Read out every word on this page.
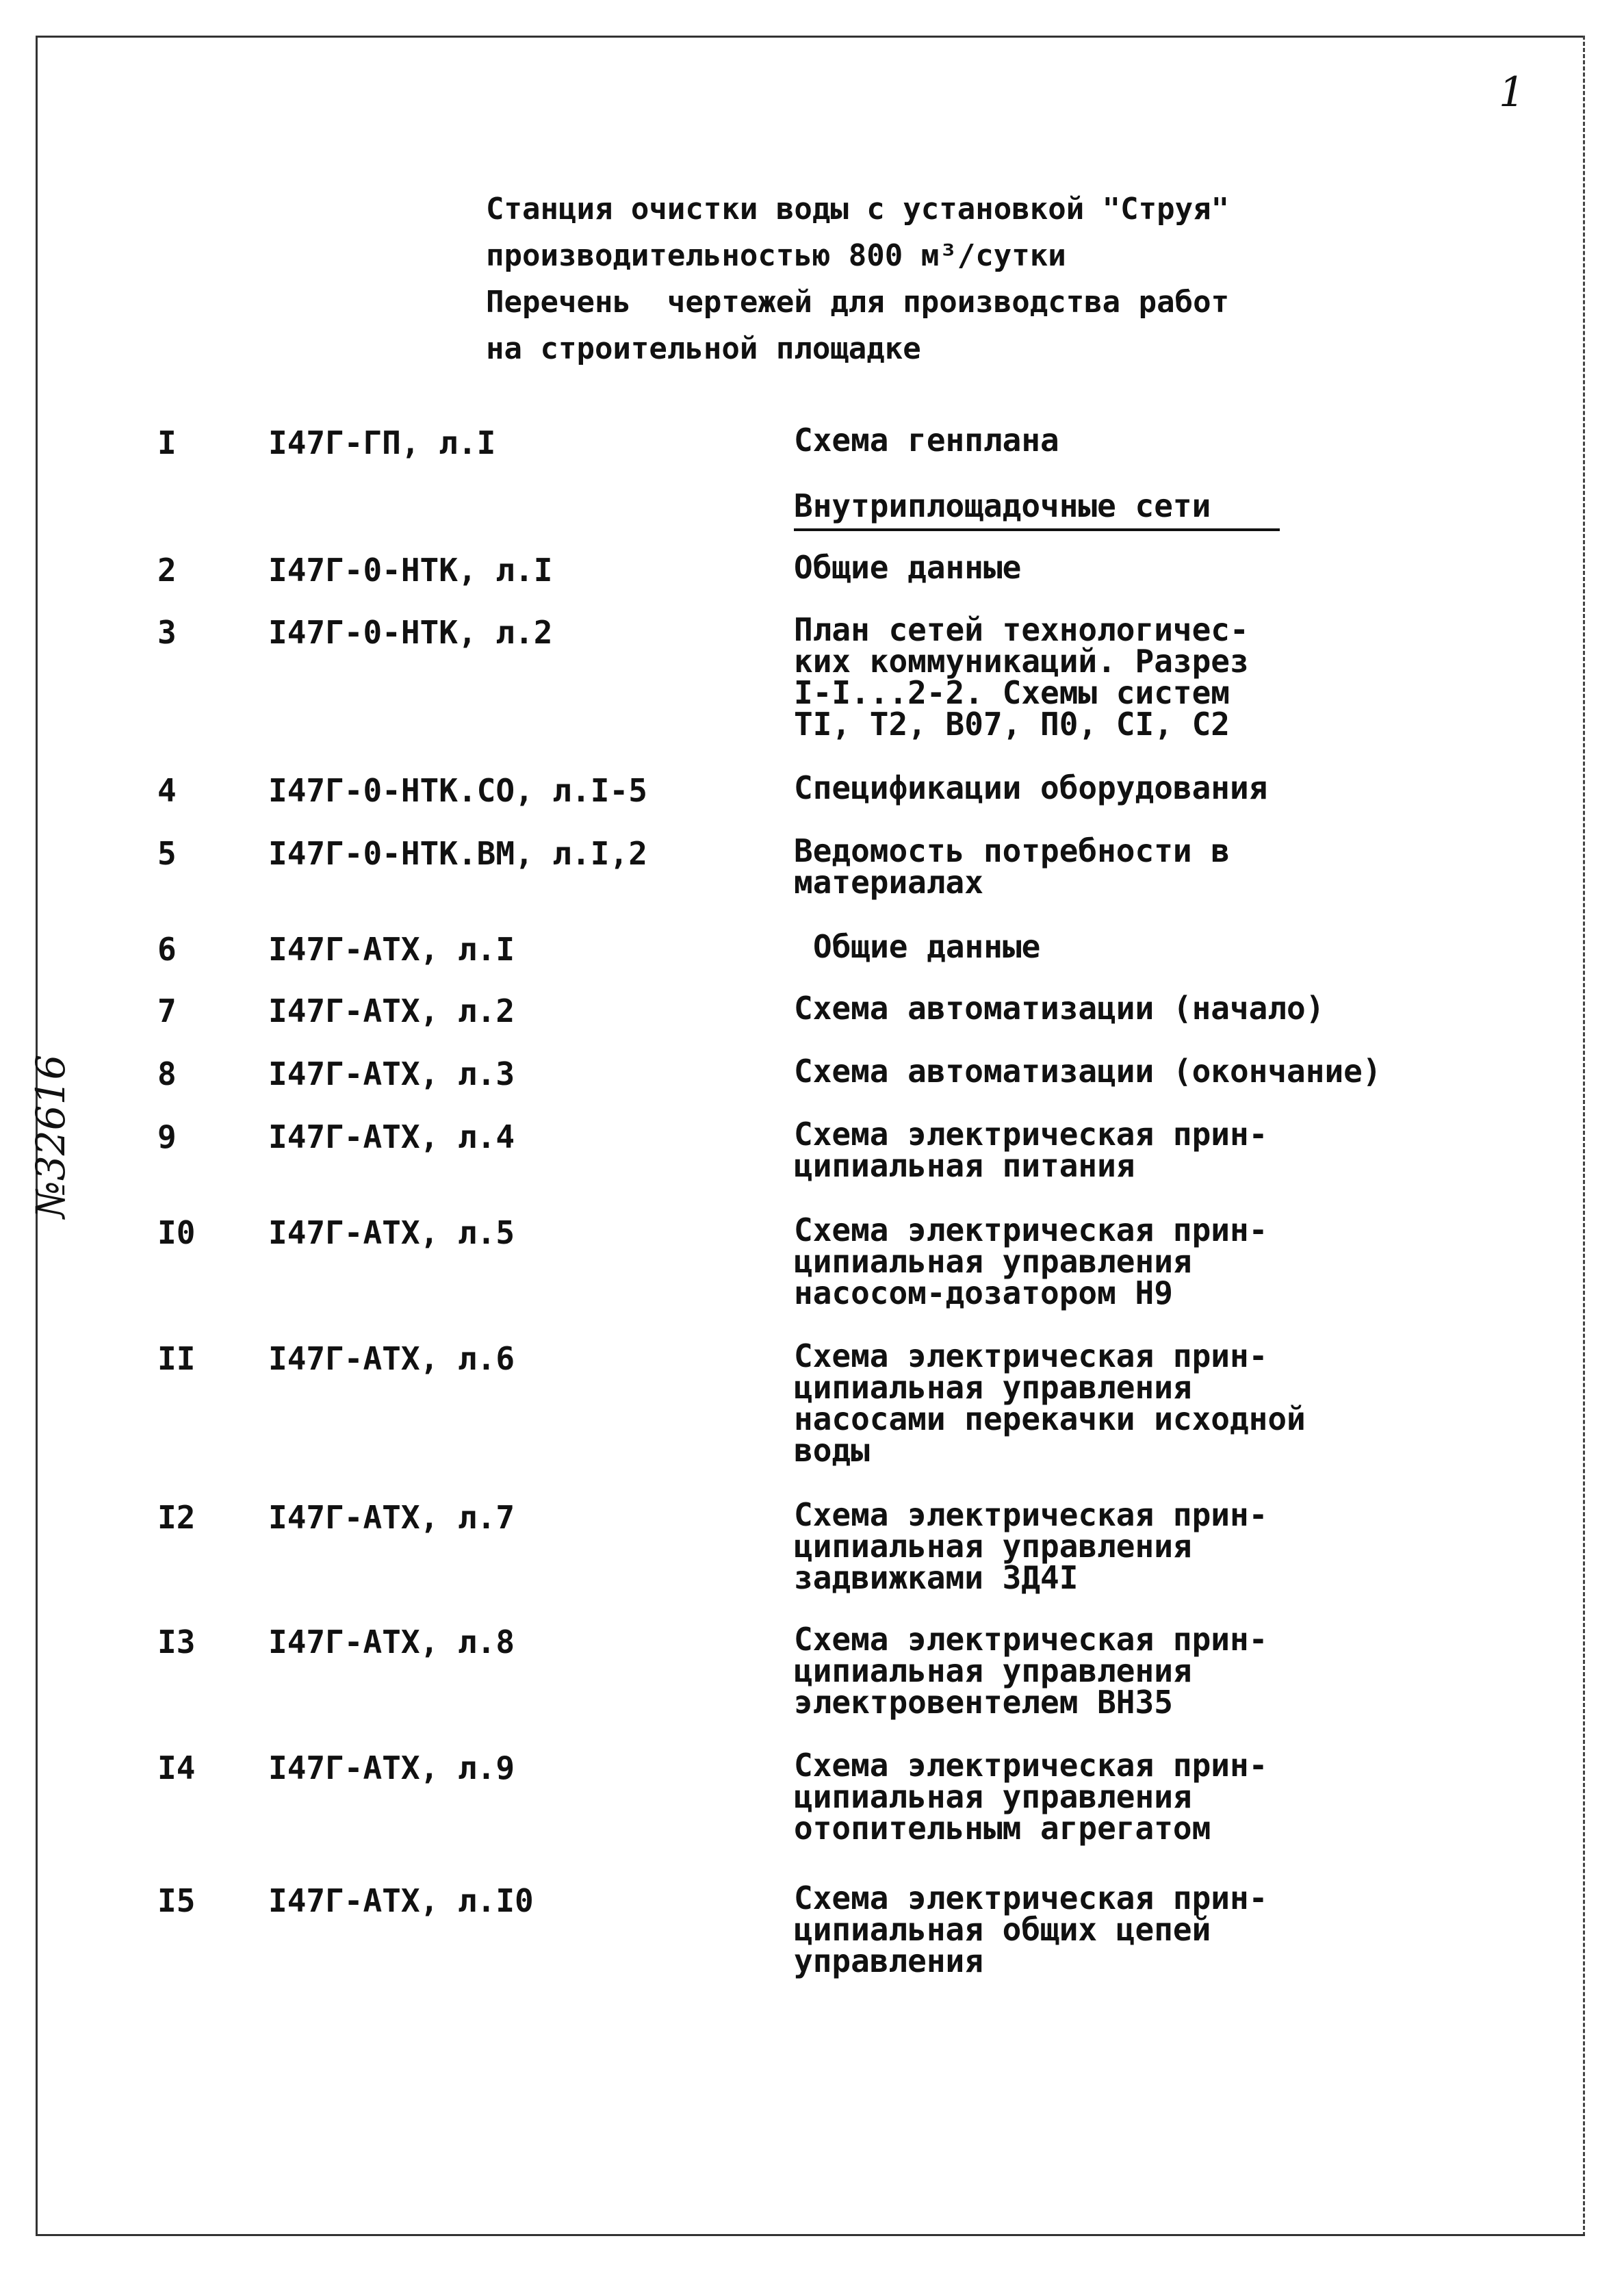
1
Станция очистки воды с установкой "Струя"
производительностью 800 м³/сутки
Перечень  чертежей для производства работ
на строительной площадке
№32616
Внутриплощадочные сети
I	I47Г-ГП, л.I	Схема генплана
2	I47Г-0-НТК, л.I	Общие данные
3	I47Г-0-НТК, л.2	План сетей технологичес-
ких коммуникаций. Разрез
I-I...2-2. Схемы систем
TI, T2, В07, П0, CI, C2
4	I47Г-0-НТК.СО, л.I-5	Спецификации оборудования
5	I47Г-0-НТК.ВМ, л.I,2	Ведомость потребности в
материалах
6	I47Г-АТХ, л.I	Общие данные
7	I47Г-АТХ, л.2	Схема автоматизации (начало)
8	I47Г-АТХ, л.3	Схема автоматизации (окончание)
9	I47Г-АТХ, л.4	Схема электрическая прин-
ципиальная питания
I0	I47Г-АТХ, л.5	Схема электрическая прин-
ципиальная управления
насосом-дозатором Н9
II	I47Г-АТХ, л.6	Схема электрическая прин-
ципиальная управления
насосами перекачки исходной
воды
I2	I47Г-АТХ, л.7	Схема электрическая прин-
ципиальная управления
задвижками ЗД4I
I3	I47Г-АТХ, л.8	Схема электрическая прин-
ципиальная управления
электровентелем ВН35
I4	I47Г-АТХ, л.9	Схема электрическая прин-
ципиальная управления
отопительным агрегатом
I5	I47Г-АТХ, л.I0	Схема электрическая прин-
ципиальная общих цепей
управления
